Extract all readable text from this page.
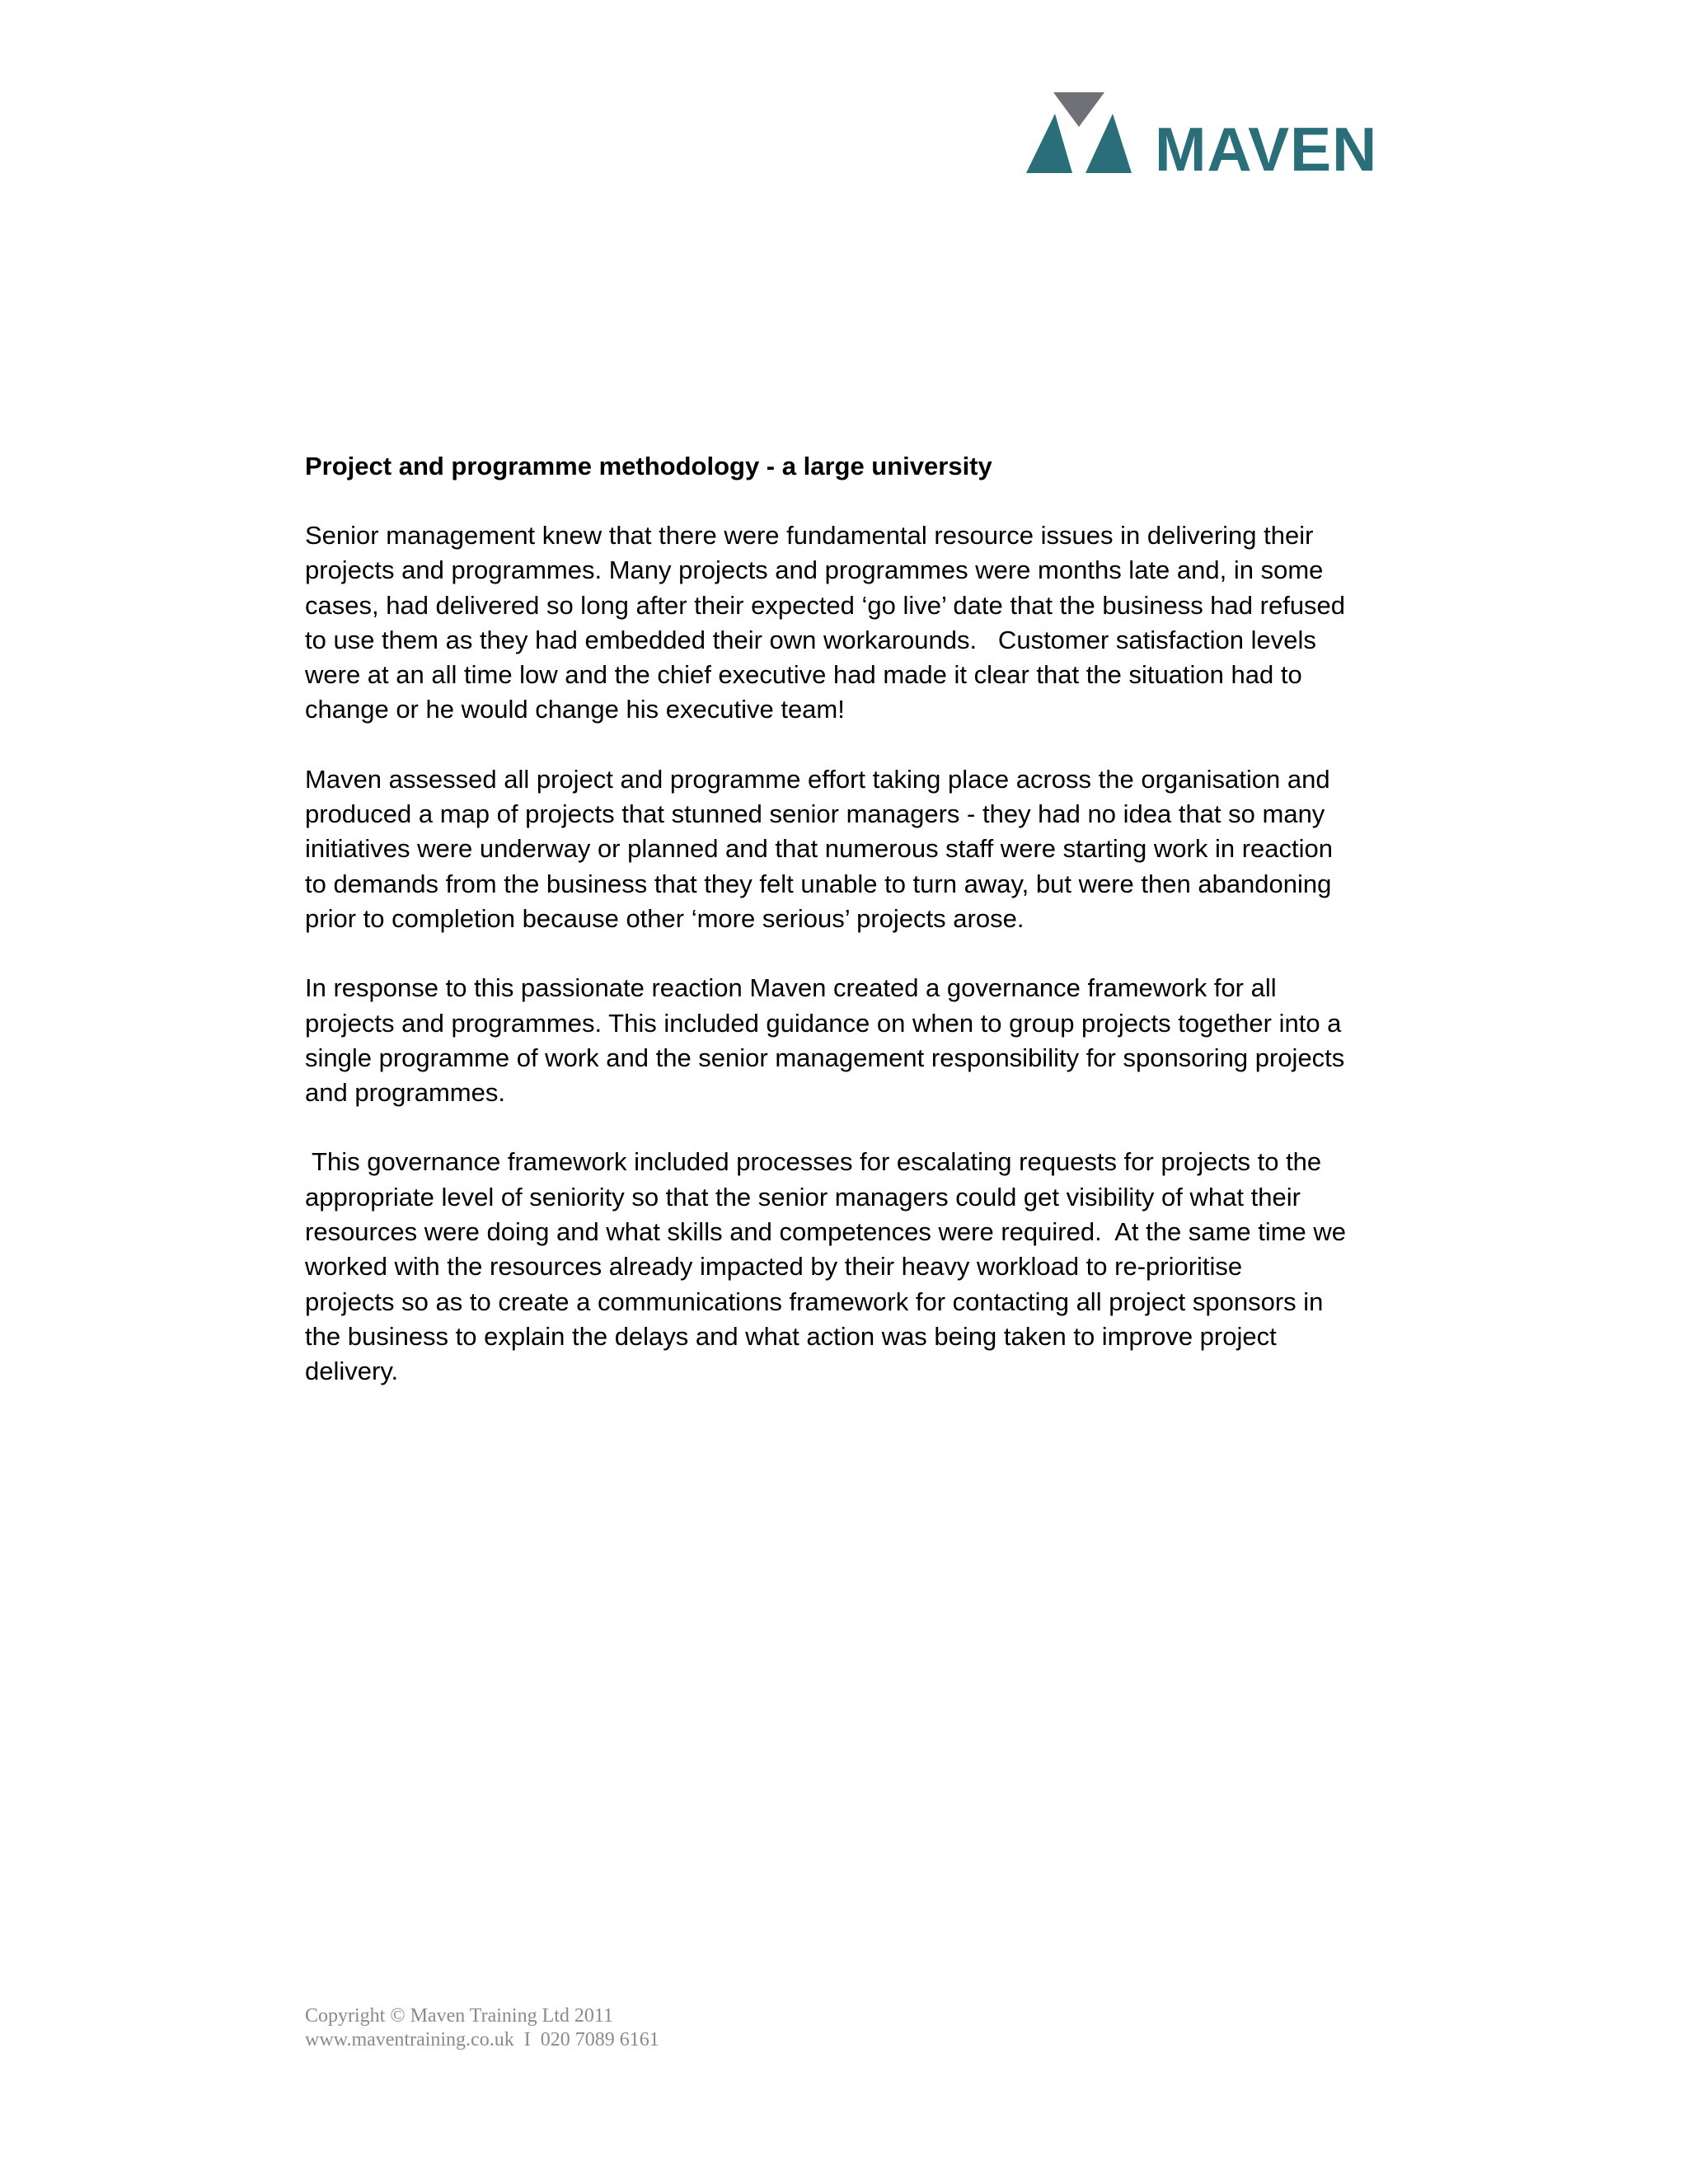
MAVEN
Project and programme methodology - a large university
Senior management knew that there were fundamental resource issues in delivering their
projects and programmes. Many projects and programmes were months late and, in some
cases, had delivered so long after their expected ‘go live’ date that the business had refused
to use them as they had embedded their own workarounds.   Customer satisfaction levels
were at an all time low and the chief executive had made it clear that the situation had to
change or he would change his executive team!
Maven assessed all project and programme effort taking place across the organisation and
produced a map of projects that stunned senior managers - they had no idea that so many
initiatives were underway or planned and that numerous staff were starting work in reaction
to demands from the business that they felt unable to turn away, but were then abandoning
prior to completion because other ‘more serious’ projects arose.
In response to this passionate reaction Maven created a governance framework for all
projects and programmes. This included guidance on when to group projects together into a
single programme of work and the senior management responsibility for sponsoring projects
and programmes.
This governance framework included processes for escalating requests for projects to the
appropriate level of seniority so that the senior managers could get visibility of what their
resources were doing and what skills and competences were required.  At the same time we
worked with the resources already impacted by their heavy workload to re-prioritise
projects so as to create a communications framework for contacting all project sponsors in
the business to explain the delays and what action was being taken to improve project
delivery.
Copyright © Maven Training Ltd 2011
www.maventraining.co.uk  I  020 7089 6161
